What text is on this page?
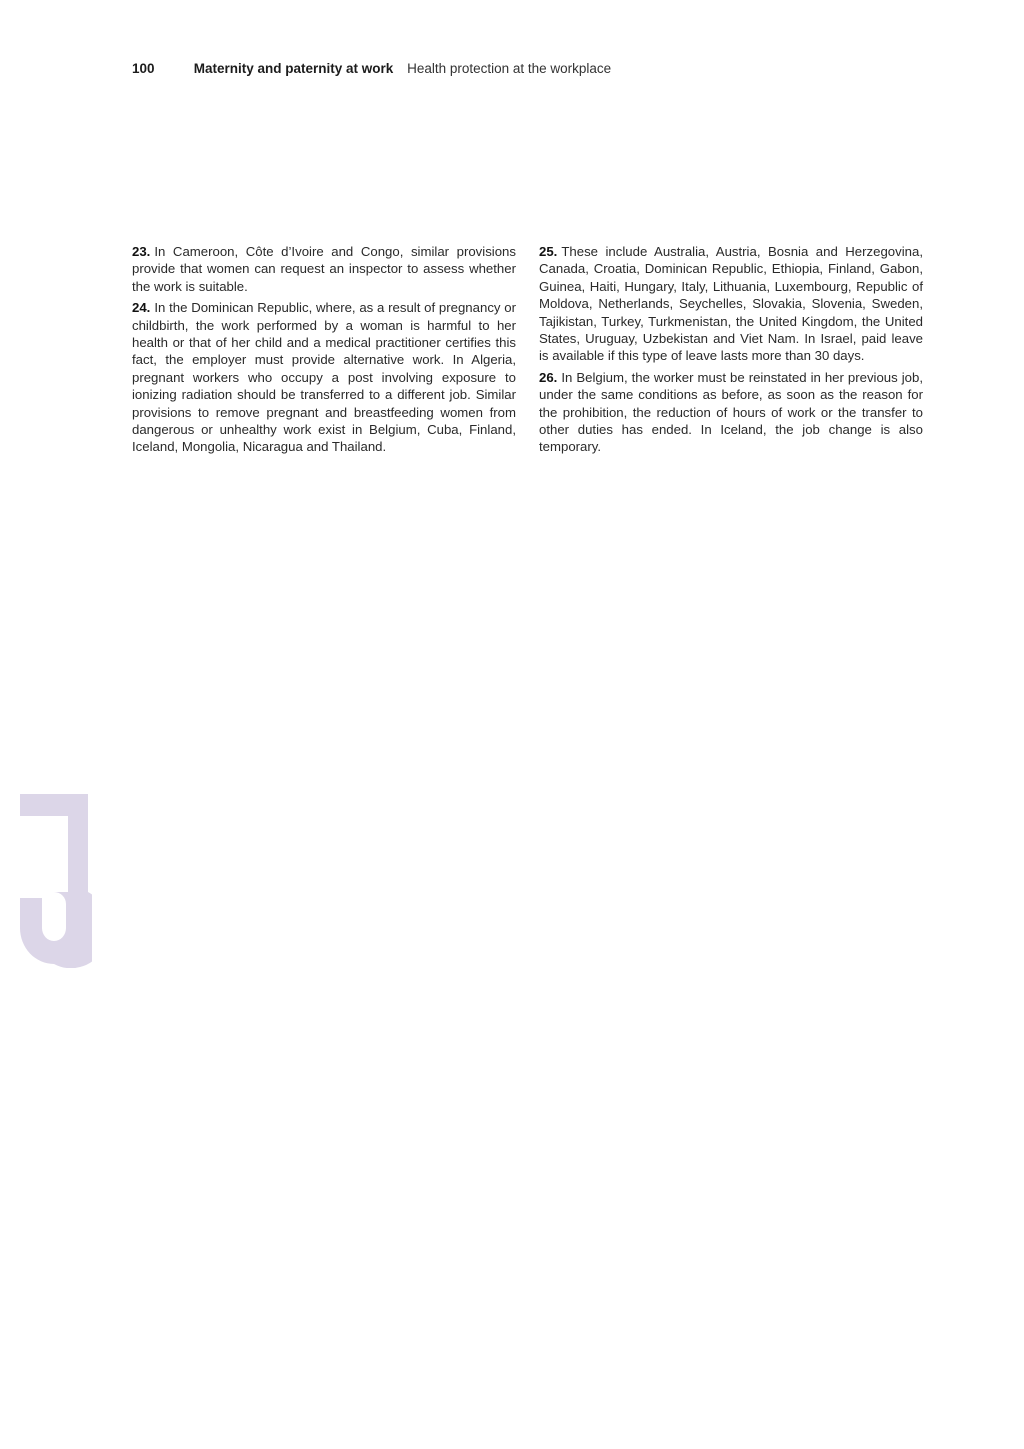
100	Maternity and paternity at work Health protection at the workplace

23. In Cameroon, Côte d’Ivoire and Congo, similar provisions provide that women can request an inspector to assess whether the work is suitable.

24. In the Dominican Republic, where, as a result of pregnancy or childbirth, the work performed by a woman is harmful to her health or that of her child and a medical practitioner certifies this fact, the employer must provide alternative work. In Algeria, pregnant workers who occupy a post involving exposure to ionizing radiation should be transferred to a different job. Similar provisions to remove pregnant and breastfeeding women from dangerous or unhealthy work exist in Belgium, Cuba, Finland, Iceland, Mongolia, Nicaragua and Thailand.

25. These include Australia, Austria, Bosnia and Herzegovina, Canada, Croatia, Dominican Republic, Ethiopia, Finland, Gabon, Guinea, Haiti, Hungary, Italy, Lithuania, Luxembourg, Republic of Moldova, Netherlands, Seychelles, Slovakia, Slovenia, Sweden, Tajikistan, Turkey, Turkmenistan, the United Kingdom, the United States, Uruguay, Uzbekistan and Viet Nam. In Israel, paid leave is available if this type of leave lasts more than 30 days.

26. In Belgium, the worker must be reinstated in her previous job, under the same conditions as before, as soon as the reason for the prohibition, the reduction of hours of work or the transfer to other duties has ended. In Iceland, the job change is also temporary.
